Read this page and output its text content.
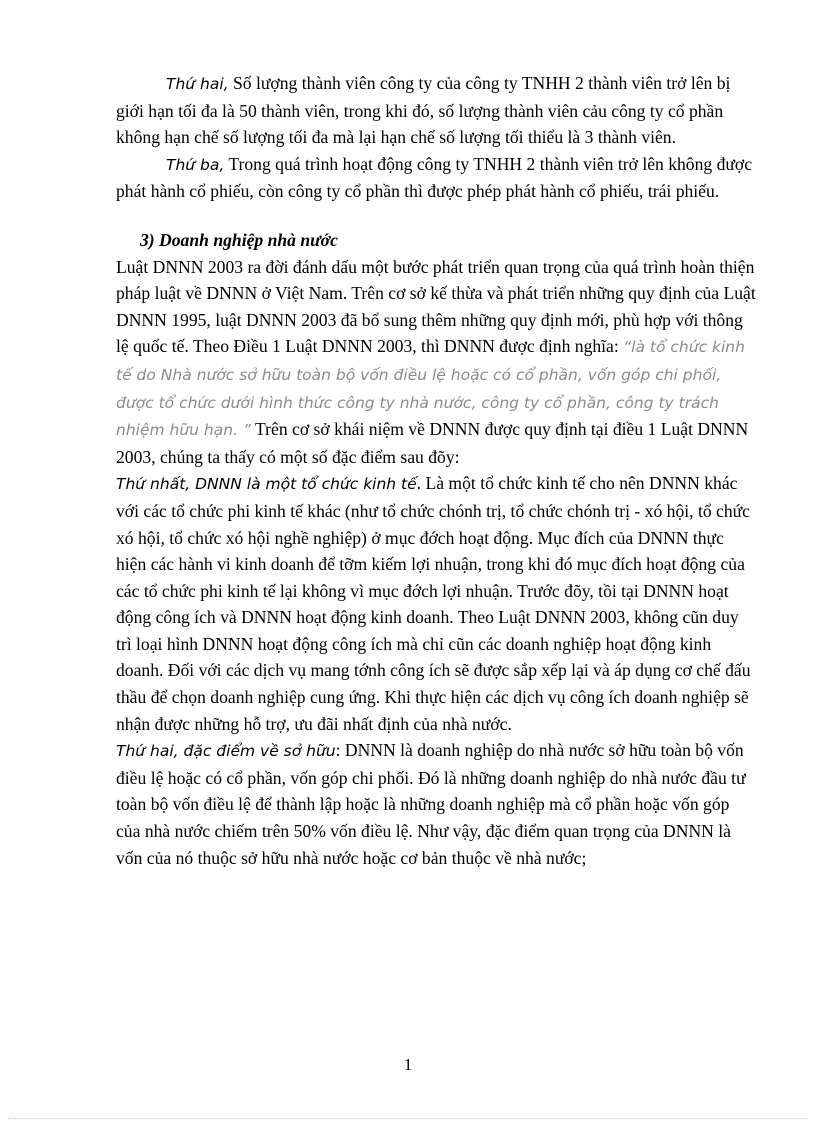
Thứ hai, Số lượng thành viên công ty của công ty TNHH 2 thành viên trở lên bị giới hạn tối đa là 50 thành viên, trong khi đó, số lượng thành viên cảu công ty cổ phần không hạn chế số lượng tối đa mà lại hạn chế số lượng tối thiểu là 3 thành viên.

Thứ ba, Trong quá trình hoạt động công ty TNHH 2 thành viên trở lên không được phát hành cổ phiếu, còn công ty cổ phần thì được phép phát hành cổ phiếu, trái phiếu.

3) Doanh nghiệp nhà nước

Luật DNNN 2003 ra đời đánh dấu một bước phát triển quan trọng của quá trình hoàn thiện pháp luật về DNNN ở Việt Nam. Trên cơ sở kế thừa và phát triển những quy định của Luật DNNN 1995, luật DNNN 2003 đã bổ sung thêm những quy định mới, phù hợp với thông lệ quốc tế. Theo Điều 1 Luật DNNN 2003, thì DNNN được định nghĩa: “là tổ chức kinh tế do Nhà nước sở hữu toàn bộ vốn điều lệ hoặc có cổ phần, vốn góp chi phối, được tổ chức dưới hình thức công ty nhà nước, công ty cổ phần, công ty trách nhiệm hữu hạn. ” Trên cơ sở khái niệm về DNNN được quy định tại điều 1 Luật DNNN 2003, chúng ta thấy có một số đặc điểm sau đõy:

Thứ nhất, DNNN là một tổ chức kinh tế. Là một tổ chức kinh tế cho nên DNNN khác với các tổ chức phi kinh tế khác (như tổ chức chónh trị, tổ chức chónh trị - xó hội, tổ chức xó hội, tổ chức xó hội nghề nghiệp) ở mục đớch hoạt động. Mục đích của DNNN thực hiện các hành vi kinh doanh để tỡm kiếm lợi nhuận, trong khi đó mục đích hoạt động của các tổ chức phi kinh tế lại không vì mục đớch lợi nhuận. Trước đõy, tồi tại DNNN hoạt động công ích và DNNN hoạt động kinh doanh. Theo Luật DNNN 2003, không cũn duy trì loại hình DNNN hoạt động công ích mà chỉ cũn các doanh nghiệp hoạt động kinh doanh. Đối với các dịch vụ mang tớnh công ích sẽ được sắp xếp lại và áp dụng cơ chế đấu thầu để chọn doanh nghiệp cung ứng. Khi thực hiện các dịch vụ công ích doanh nghiệp sẽ nhận được những hỗ trợ, ưu đãi nhất định của nhà nước.

Thứ hai, đặc điểm về sở hữu: DNNN là doanh nghiệp do nhà nước sở hữu toàn bộ vốn điều lệ hoặc có cổ phần, vốn góp chi phối. Đó là những doanh nghiệp do nhà nước đầu tư toàn bộ vốn điều lệ để thành lập hoặc là những doanh nghiệp mà cổ phần hoặc vốn góp của nhà nước chiếm trên 50% vốn điều lệ. Như vậy, đặc điểm quan trọng của DNNN là vốn của nó thuộc sở hữu nhà nước hoặc cơ bản thuộc về nhà nước;

1
